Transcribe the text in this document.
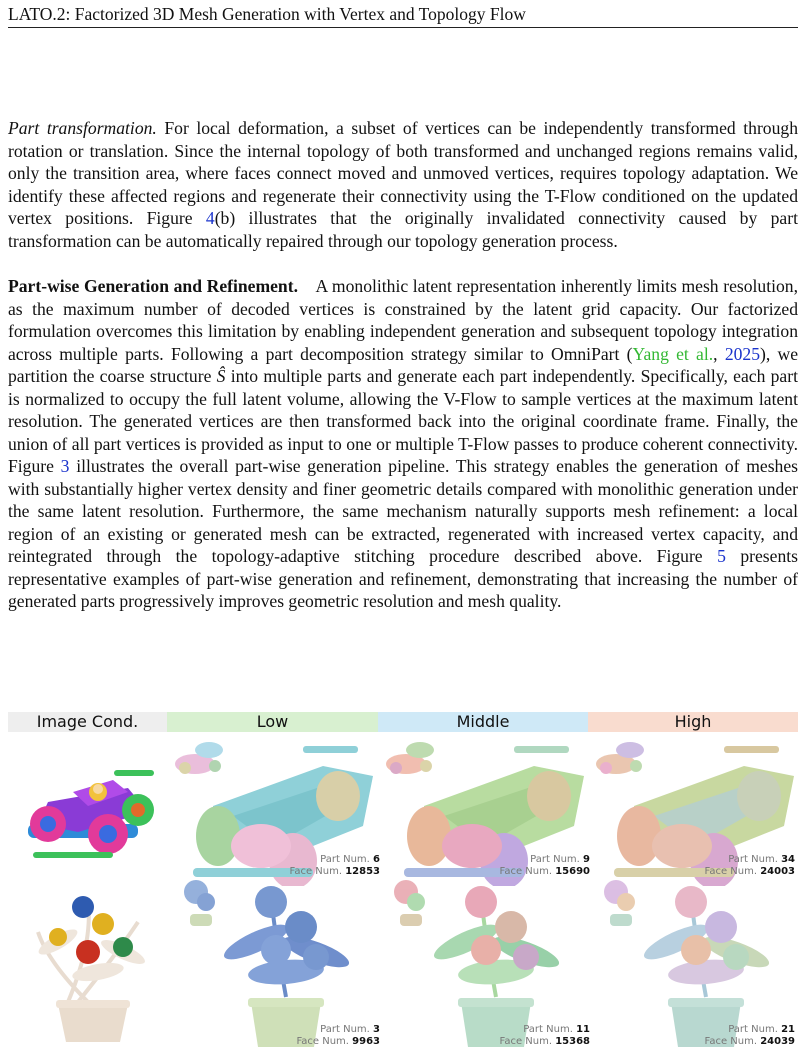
LATO.2: Factorized 3D Mesh Generation with Vertex and Topology Flow
Part transformation. For local deformation, a subset of vertices can be independently transformed through rotation or translation. Since the internal topology of both transformed and unchanged regions remains valid, only the transition area, where faces connect moved and unmoved vertices, requires topology adaptation. We identify these affected regions and regenerate their connectivity using the T-Flow conditioned on the updated vertex positions. Figure 4(b) illustrates that the originally invalidated connectivity caused by part transformation can be automatically repaired through our topology generation process.
Part-wise Generation and Refinement.    A monolithic latent representation inherently limits mesh resolution, as the maximum number of decoded vertices is constrained by the latent grid capacity. Our factorized formulation overcomes this limitation by enabling independent generation and subsequent topology integration across multiple parts. Following a part decomposition strategy similar to OmniPart (Yang et al., 2025), we partition the coarse structure Ŝ into multiple parts and generate each part independently. Specifically, each part is normalized to occupy the full latent volume, allowing the V-Flow to sample vertices at the maximum latent resolution. The generated vertices are then transformed back into the original coordinate frame. Finally, the union of all part vertices is provided as input to one or multiple T-Flow passes to produce coherent connectivity. Figure 3 illustrates the overall part-wise generation pipeline. This strategy enables the generation of meshes with substantially higher vertex density and finer geometric details compared with monolithic generation under the same latent resolution. Furthermore, the same mechanism naturally supports mesh refinement: a local region of an existing or generated mesh can be extracted, regenerated with increased vertex capacity, and reintegrated through the topology-adaptive stitching procedure described above. Figure 5 presents representative examples of part-wise generation and refinement, demonstrating that increasing the number of generated parts progressively improves geometric resolution and mesh quality.
Image Cond.	Low	Middle	High
Part Num. 6
Face Num. 12853
Part Num. 9
Face Num. 15690
Part Num. 34
Face Num. 24003
Part Num. 3
Face Num. 9963
Part Num. 11
Face Num. 15368
Part Num. 21
Face Num. 24039
